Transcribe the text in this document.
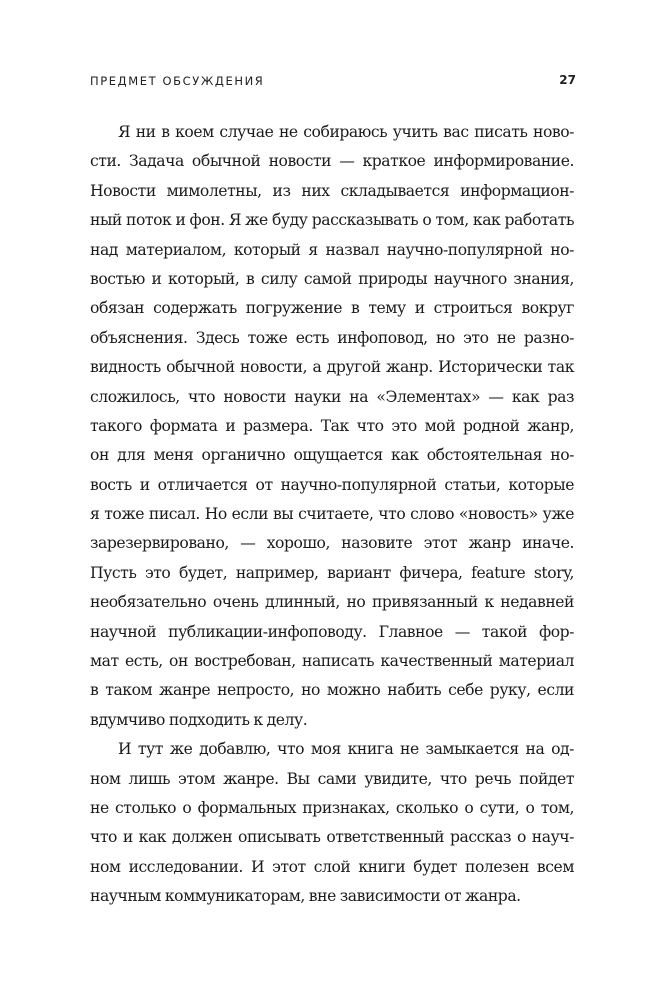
ПРЕДМЕТ ОБСУЖДЕНИЯ	27
Я ни в коем случае не собираюсь учить вас писать ново-
сти. Задача обычной новости — краткое информирование.
Новости мимолетны, из них складывается информацион-
ный поток и фон. Я же буду рассказывать о том, как работать
над материалом, который я назвал научно-популярной но-
востью и который, в силу самой природы научного знания,
обязан содержать погружение в тему и строиться вокруг
объяснения. Здесь тоже есть инфоповод, но это не разно-
видность обычной новости, а другой жанр. Исторически так
сложилось, что новости науки на «Элементах» — как раз
такого формата и размера. Так что это мой родной жанр,
он для меня органично ощущается как обстоятельная но-
вость и отличается от научно-популярной статьи, которые
я тоже писал. Но если вы считаете, что слово «новость» уже
зарезервировано, — хорошо, назовите этот жанр иначе.
Пусть это будет, например, вариант фичера, feature story,
необязательно очень длинный, но привязанный к недавней
научной публикации-инфоповоду. Главное — такой фор-
мат есть, он востребован, написать качественный материал
в таком жанре непросто, но можно набить себе руку, если
вдумчиво подходить к делу.
И тут же добавлю, что моя книга не замыкается на од-
ном лишь этом жанре. Вы сами увидите, что речь пойдет
не столько о формальных признаках, сколько о сути, о том,
что и как должен описывать ответственный рассказ о науч-
ном исследовании. И этот слой книги будет полезен всем
научным коммуникаторам, вне зависимости от жанра.
